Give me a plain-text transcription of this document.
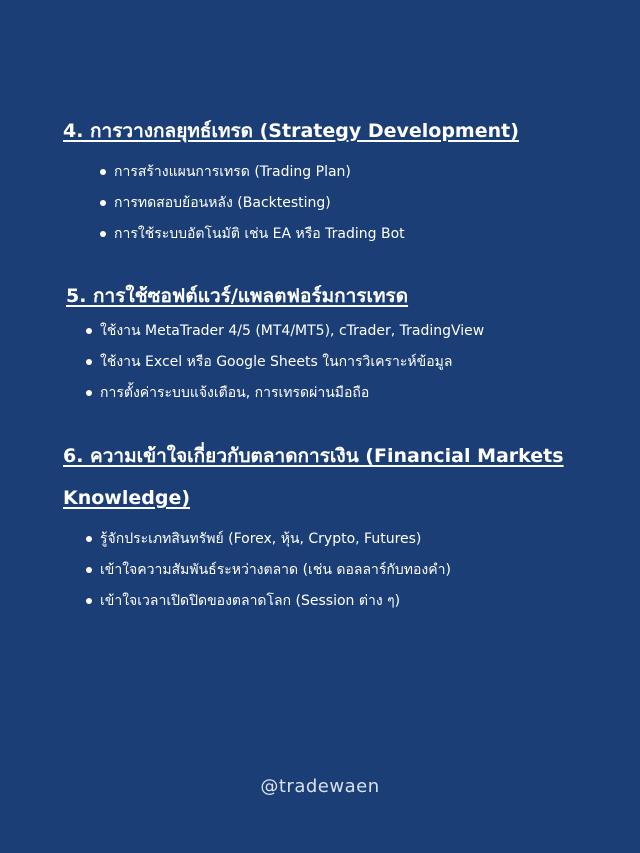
4. การวางกลยุทธ์เทรด (Strategy Development)
การสร้างแผนการเทรด (Trading Plan)
การทดสอบย้อนหลัง (Backtesting)
การใช้ระบบอัตโนมัติ เช่น EA หรือ Trading Bot
5. การใช้ซอฟต์แวร์/แพลตฟอร์มการเทรด
ใช้งาน MetaTrader 4/5 (MT4/MT5), cTrader, TradingView
ใช้งาน Excel หรือ Google Sheets ในการวิเคราะห์ข้อมูล
การตั้งค่าระบบแจ้งเตือน, การเทรดผ่านมือถือ
6. ความเข้าใจเกี่ยวกับตลาดการเงิน (Financial Markets Knowledge)
รู้จักประเภทสินทรัพย์ (Forex, หุ้น, Crypto, Futures)
เข้าใจความสัมพันธ์ระหว่างตลาด (เช่น ดอลลาร์กับทองคำ)
เข้าใจเวลาเปิดปิดของตลาดโลก (Session ต่าง ๆ)
@tradewaen
